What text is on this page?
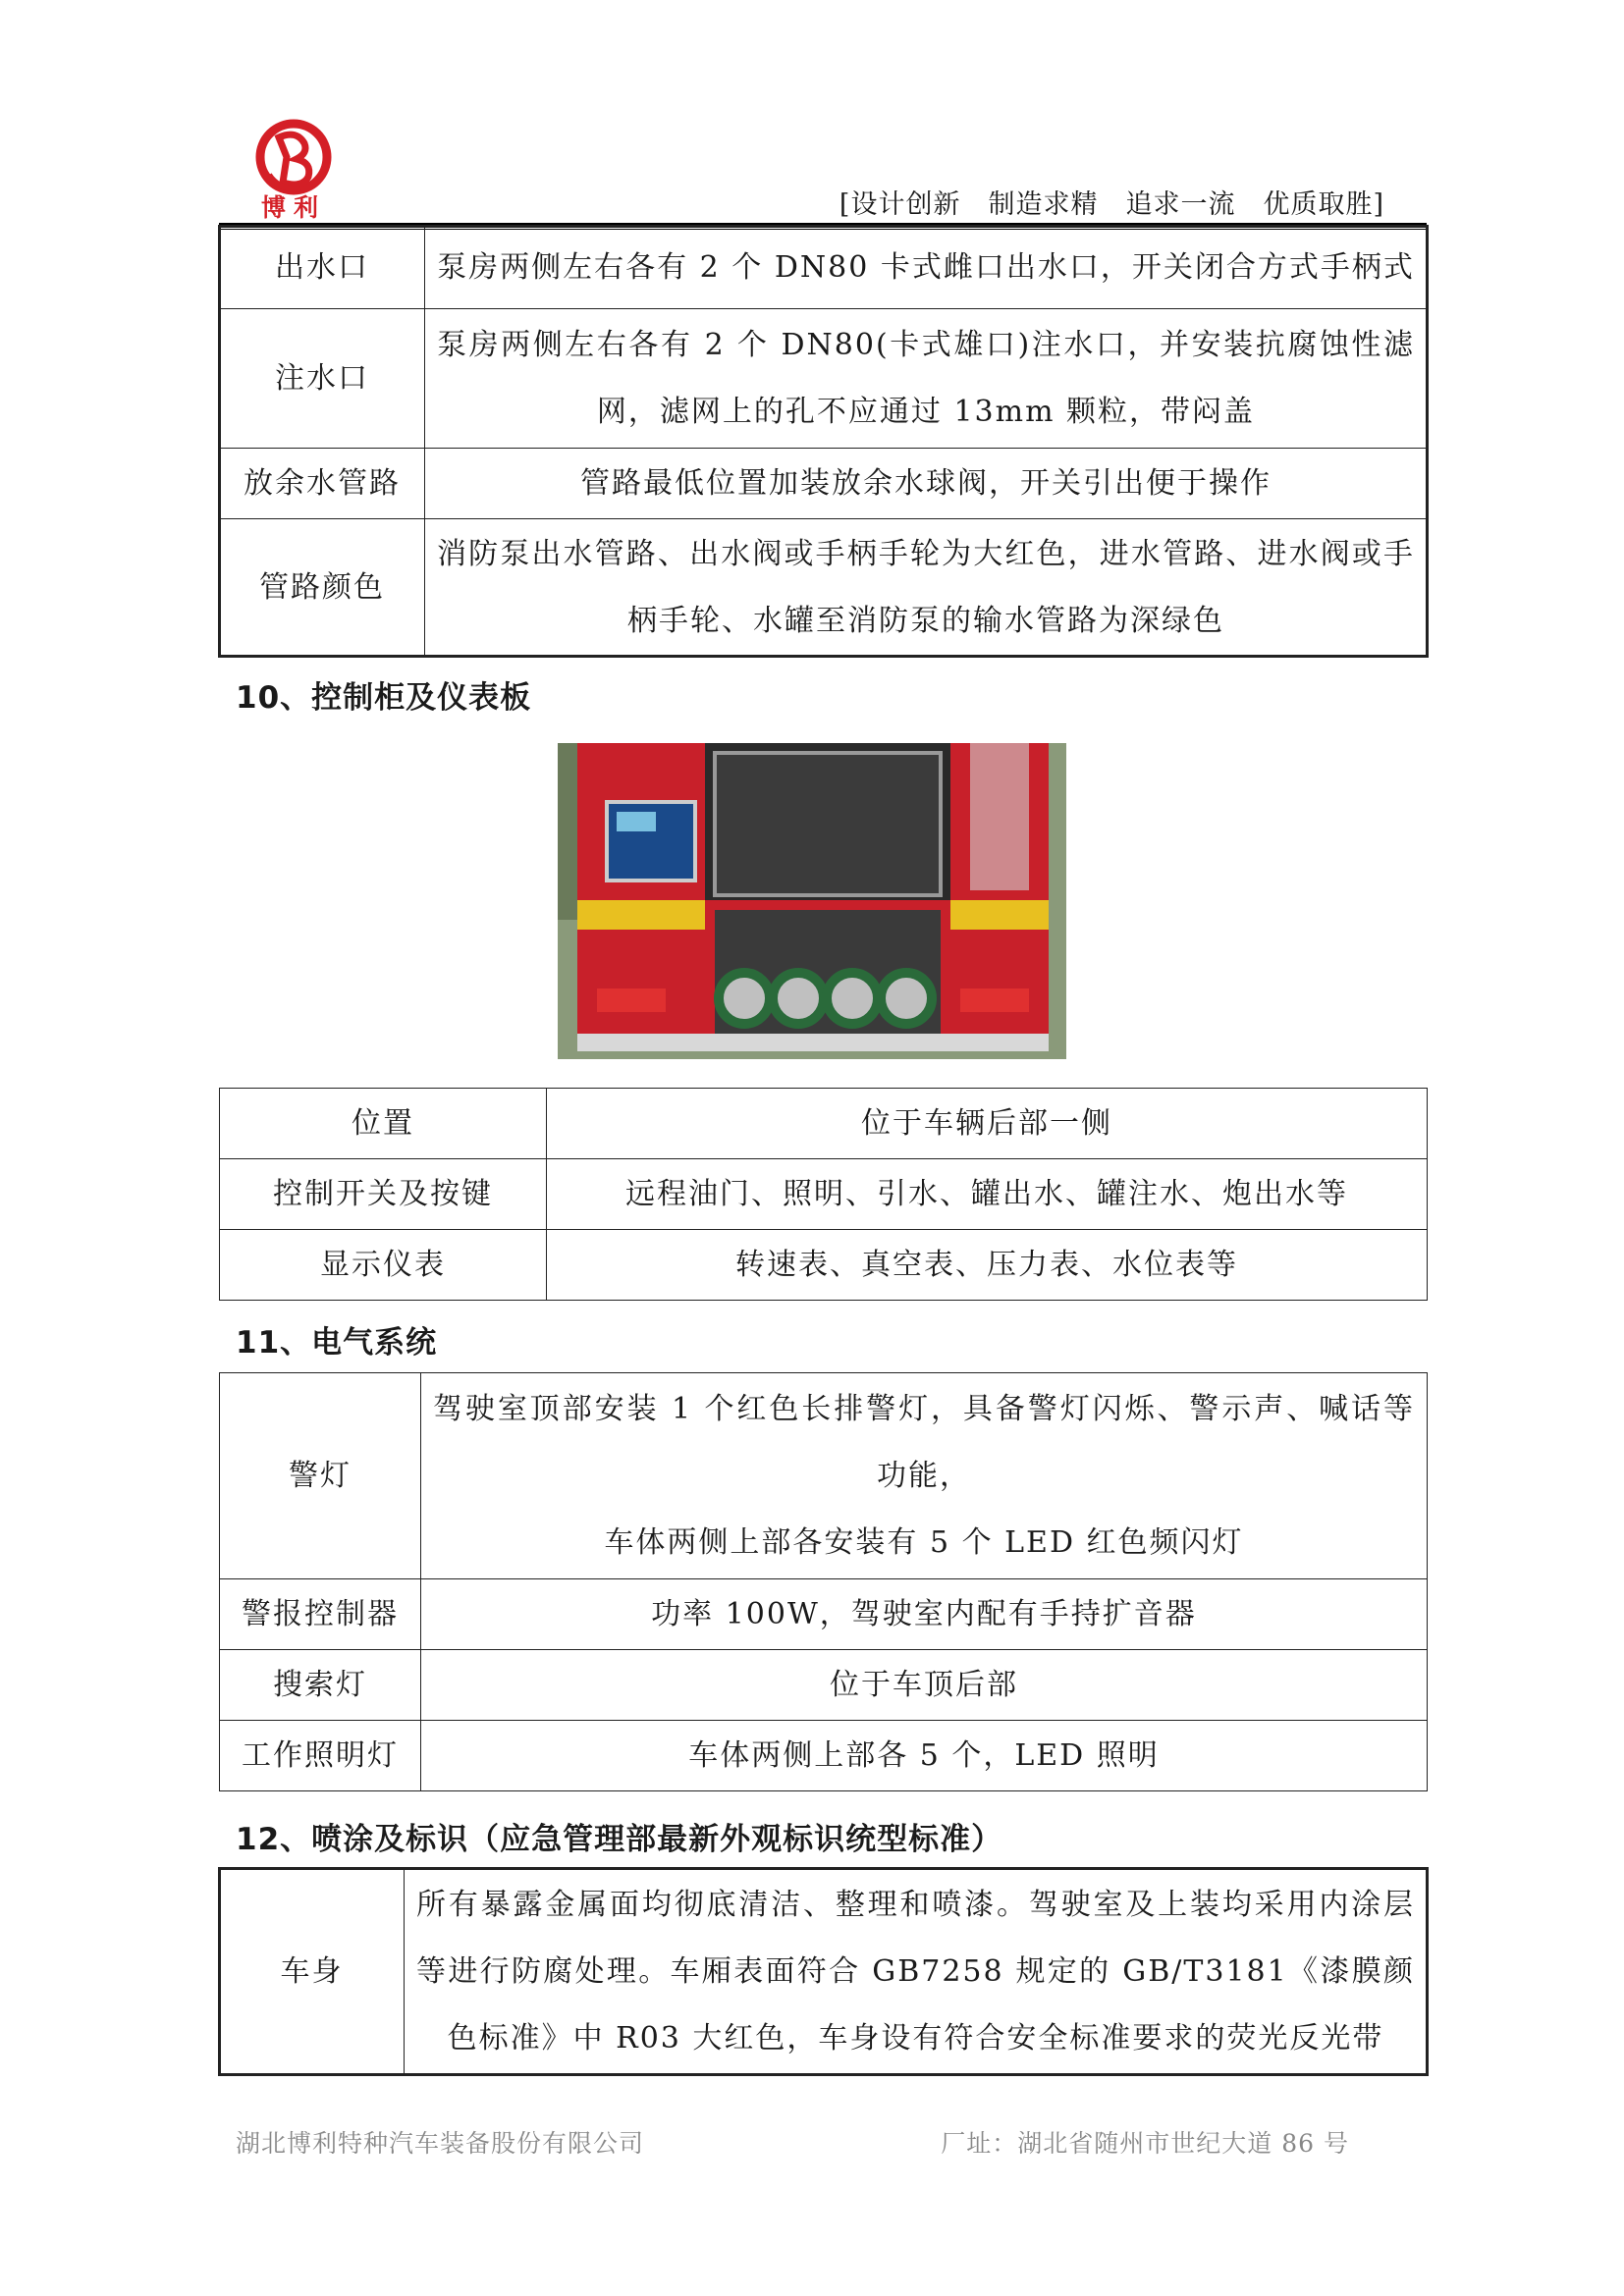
博利	[设计创新　制造求精　追求一流　优质取胜]
出水口	泵房两侧左右各有 2 个 DN80 卡式雌口出水口，开关闭合方式手柄式
注水口	泵房两侧左右各有 2 个 DN80(卡式雄口)注水口，并安装抗腐蚀性滤网，滤网上的孔不应通过 13mm 颗粒，带闷盖
放余水管路	管路最低位置加装放余水球阀，开关引出便于操作
管路颜色	消防泵出水管路、出水阀或手柄手轮为大红色，进水管路、进水阀或手柄手轮、水罐至消防泵的输水管路为深绿色
10、控制柜及仪表板
位置	位于车辆后部一侧
控制开关及按键	远程油门、照明、引水、罐出水、罐注水、炮出水等
显示仪表	转速表、真空表、压力表、水位表等
11、电气系统
警灯	驾驶室顶部安装 1 个红色长排警灯，具备警灯闪烁、警示声、喊话等功能，
车体两侧上部各安装有 5 个 LED 红色频闪灯

警报控制器	功率 100W，驾驶室内配有手持扩音器
搜索灯	位于车顶后部
工作照明灯	车体两侧上部各 5 个，LED 照明
12、喷涂及标识（应急管理部最新外观标识统型标准）
车身	所有暴露金属面均彻底清洁、整理和喷漆。驾驶室及上装均采用内涂层等进行防腐处理。车厢表面符合 GB7258 规定的 GB/T3181《漆膜颜色标准》中 R03 大红色，车身设有符合安全标准要求的荧光反光带
湖北博利特种汽车装备股份有限公司	厂址：湖北省随州市世纪大道 86 号
